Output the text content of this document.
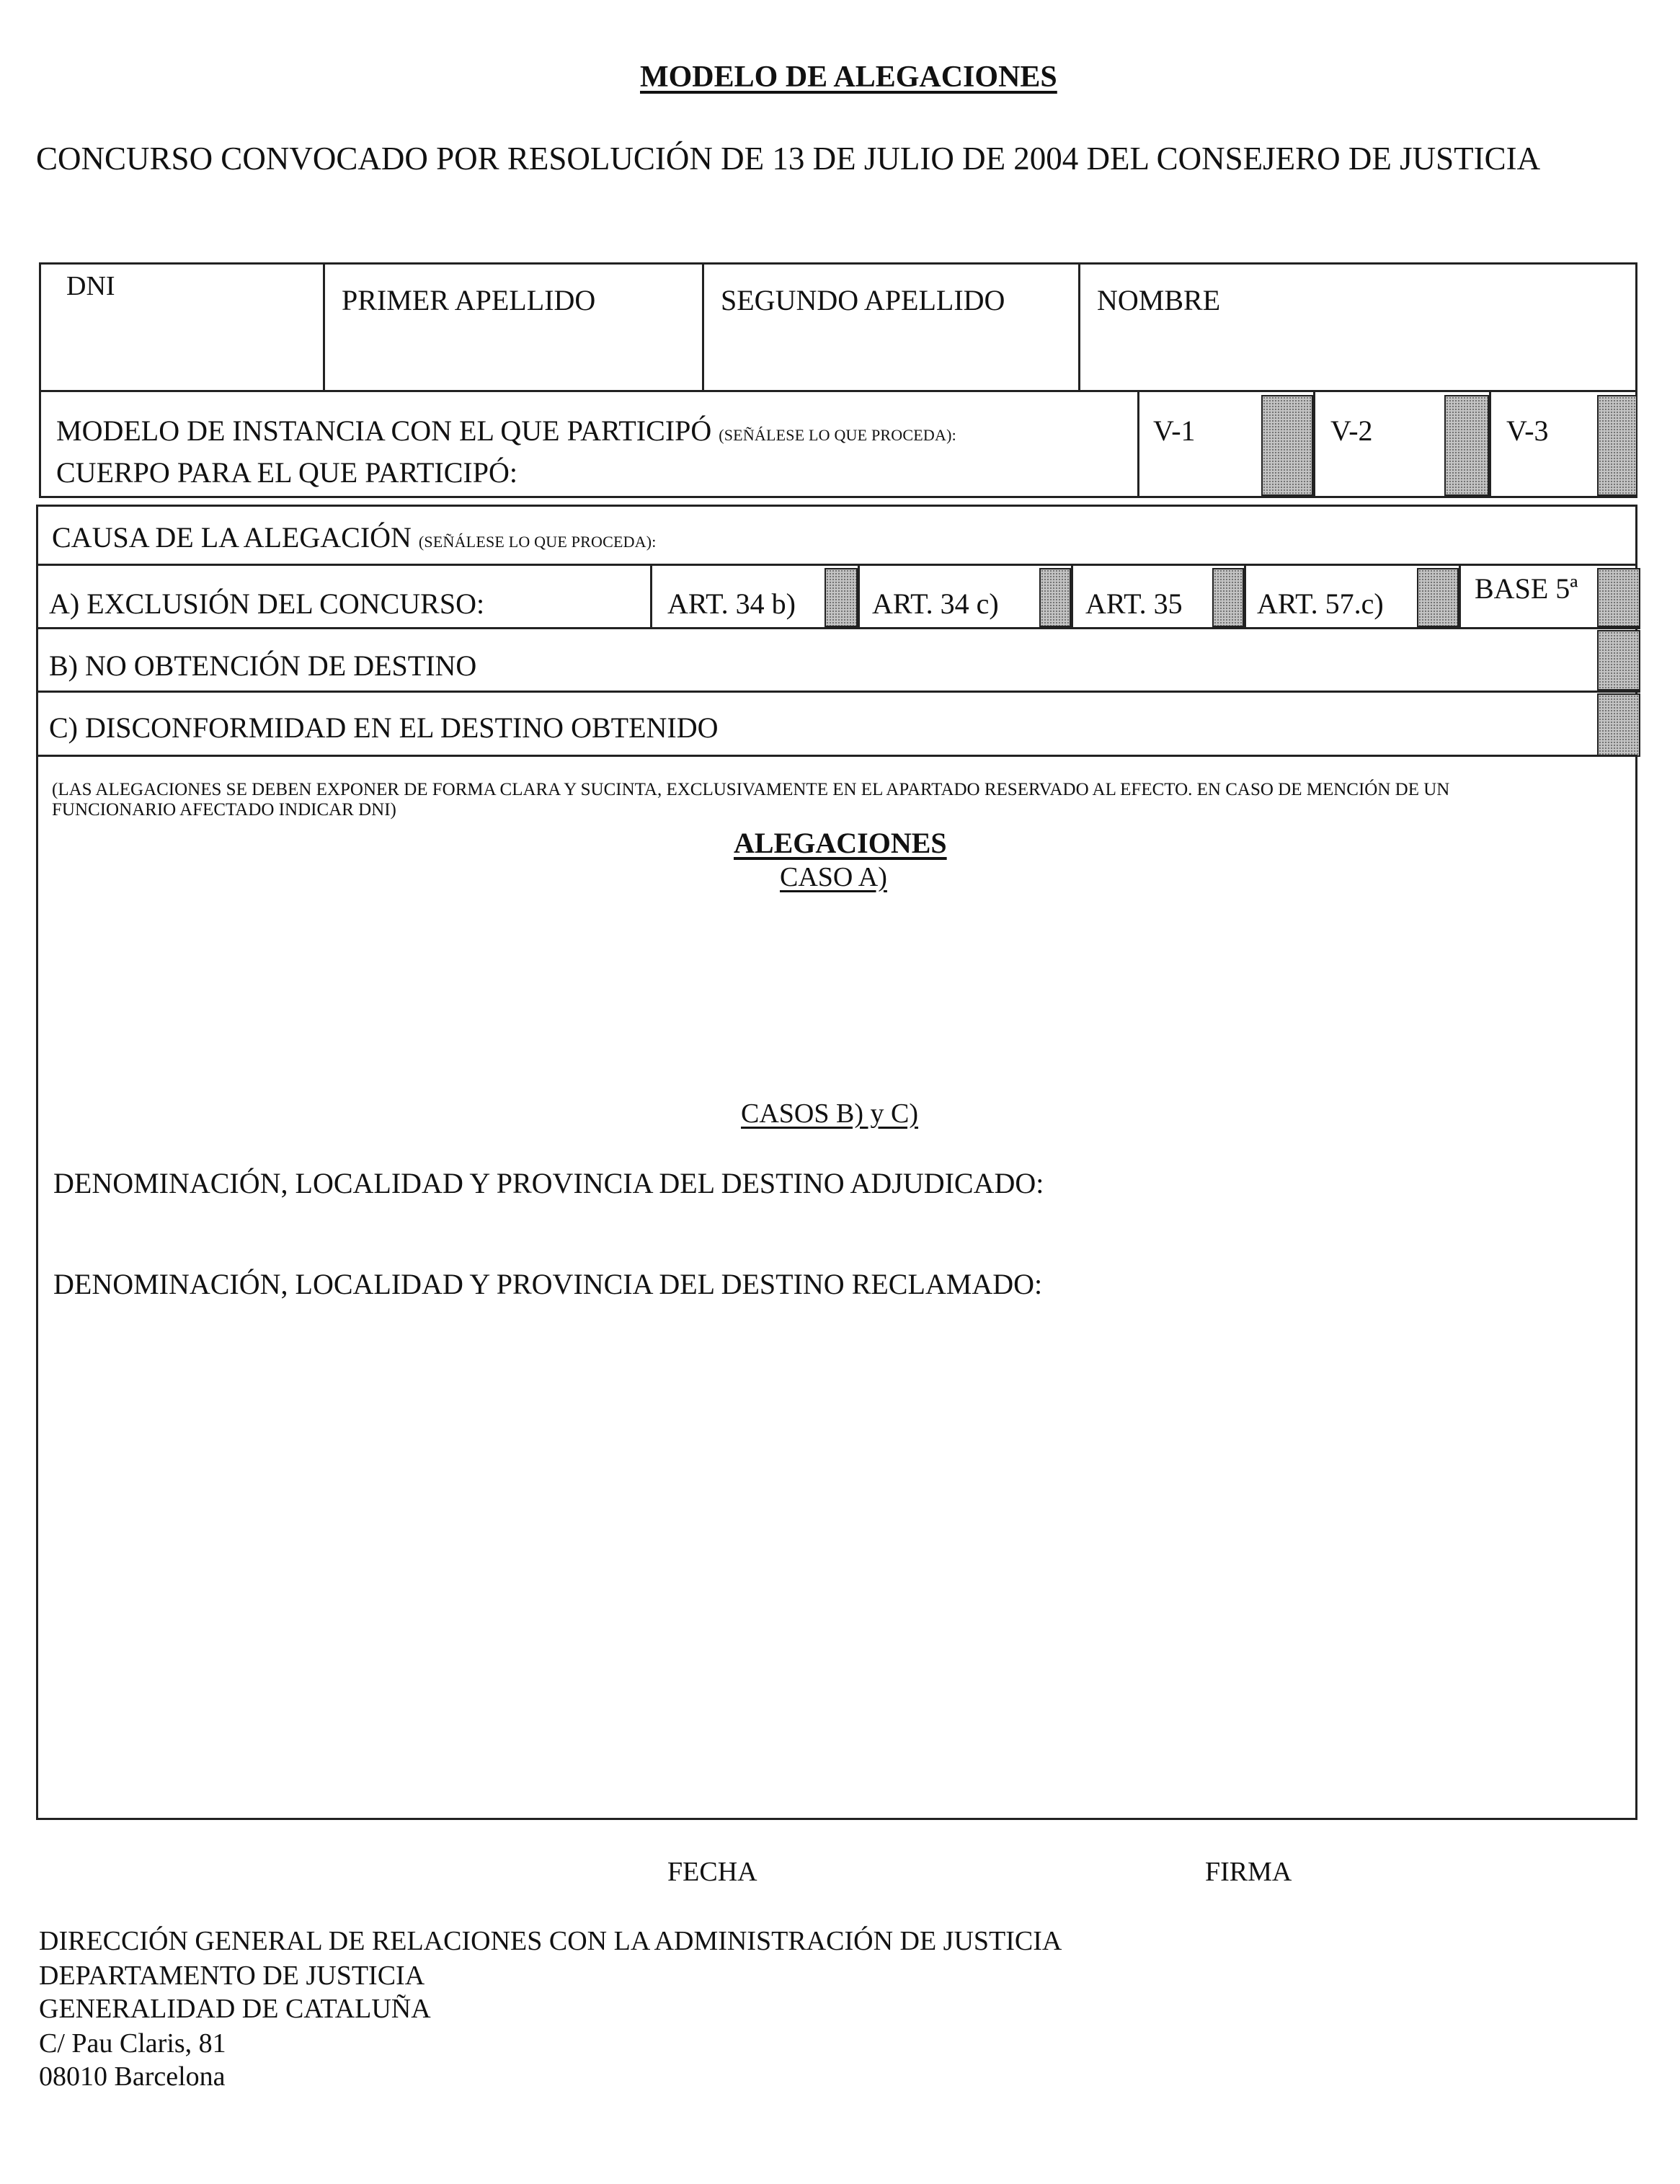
MODELO DE ALEGACIONES
CONCURSO CONVOCADO POR RESOLUCIÓN DE 13 DE JULIO DE 2004 DEL CONSEJERO DE JUSTICIA
DNI	PRIMER APELLIDO	SEGUNDO APELLIDO	NOMBRE
MODELO DE INSTANCIA CON EL QUE PARTICIPÓ (SEÑÁLESE LO QUE PROCEDA):
CUERPO PARA EL QUE PARTICIPÓ:
V-1	V-2	V-3
CAUSA DE LA ALEGACIÓN (SEÑÁLESE LO QUE PROCEDA):
A) EXCLUSIÓN DEL CONCURSO:	ART. 34 b)	ART. 34 c)	ART. 35	ART. 57.c)	BASE 5ª
B) NO OBTENCIÓN DE DESTINO
C) DISCONFORMIDAD EN EL DESTINO OBTENIDO
(LAS ALEGACIONES SE DEBEN EXPONER DE FORMA CLARA Y SUCINTA, EXCLUSIVAMENTE EN EL APARTADO RESERVADO AL EFECTO. EN CASO DE MENCIÓN DE UN FUNCIONARIO AFECTADO INDICAR DNI)
ALEGACIONES
CASO A)
CASOS B) y C)
DENOMINACIÓN, LOCALIDAD Y PROVINCIA DEL DESTINO ADJUDICADO:
DENOMINACIÓN, LOCALIDAD Y PROVINCIA DEL DESTINO RECLAMADO:
FECHA	FIRMA
DIRECCIÓN GENERAL DE RELACIONES CON LA ADMINISTRACIÓN DE JUSTICIA
DEPARTAMENTO DE JUSTICIA
GENERALIDAD DE CATALUÑA
C/ Pau Claris, 81
08010 Barcelona
